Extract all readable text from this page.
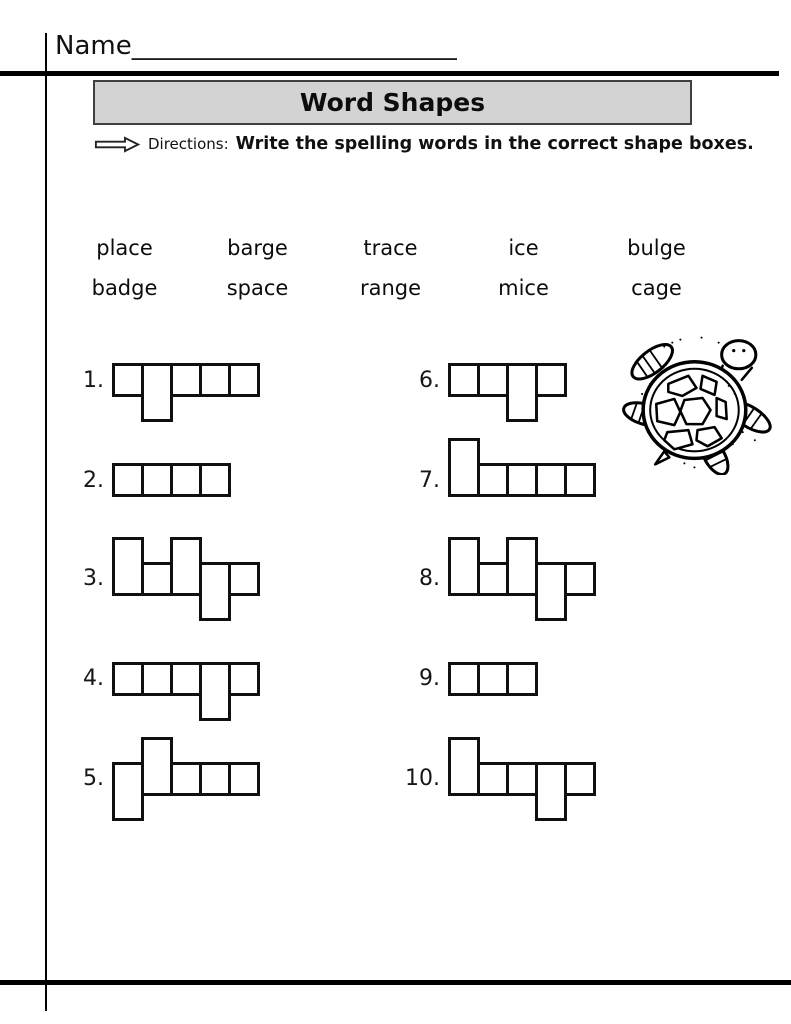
Name_________________________
Word Shapes
Directions: Write the spelling words in the correct shape boxes.
place	barge	trace	ice	bulge
badge	space	range	mice	cage
1.
2.
3.
4.
5.
6.
7.
8.
9.
10.
